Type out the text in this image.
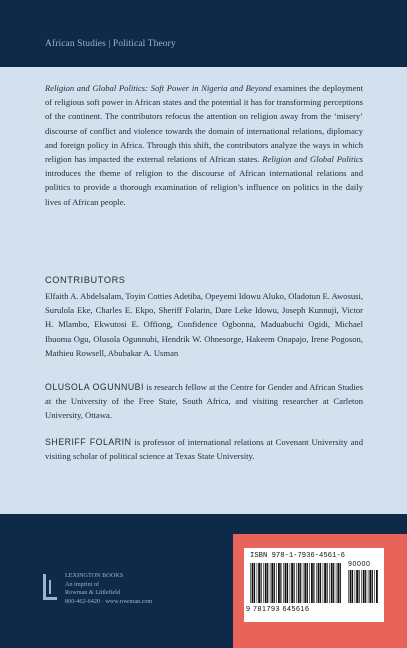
African Studies | Political Theory

Religion and Global Politics: Soft Power in Nigeria and Beyond examines the deployment of religious soft power in African states and the potential it has for transforming perceptions of the continent. The contributors refocus the attention on religion away from the ‘misery’ discourse of conflict and violence towards the domain of international relations, diplomacy and foreign policy in Africa. Through this shift, the contributors analyze the ways in which religion has impacted the external relations of African states. Religion and Global Politics introduces the theme of religion to the discourse of African international relations and politics to provide a thorough examination of religion’s influence on politics in the daily lives of African people.

CONTRIBUTORS

Elfaith A. Abdelsalam, Toyin Cotties Adetiba, Opeyemi Idowu Aluko, Oladotun E. Awosusi, Surulola Eke, Charles E. Ekpo, Sheriff Folarin, Dare Leke Idowu, Joseph Kunnuji, Victor H. Mlambo, Ekwutosi E. Offiong, Confidence Ogbonna, Maduabuchi Ogidi, Michael Ihuoma Ogu, Olusola Ogunnubi, Hendrik W. Ohnesorge, Hakeem Onapajo, Irene Pogoson, Mathieu Rowsell, Abubakar A. Usman

OLUSOLA OGUNNUBI is research fellow at the Centre for Gender and African Studies at the University of the Free State, South Africa, and visiting researcher at Carleton University, Ottawa.

SHERIFF FOLARIN is professor of international relations at Covenant University and visiting scholar of political science at Texas State University.

LEXINGTON BOOKS
An imprint of
Rowman & Littlefield
800-462-6420 · www.rowman.com
ISBN 978-1-7936-4561-6
90000
9 781793 645616
